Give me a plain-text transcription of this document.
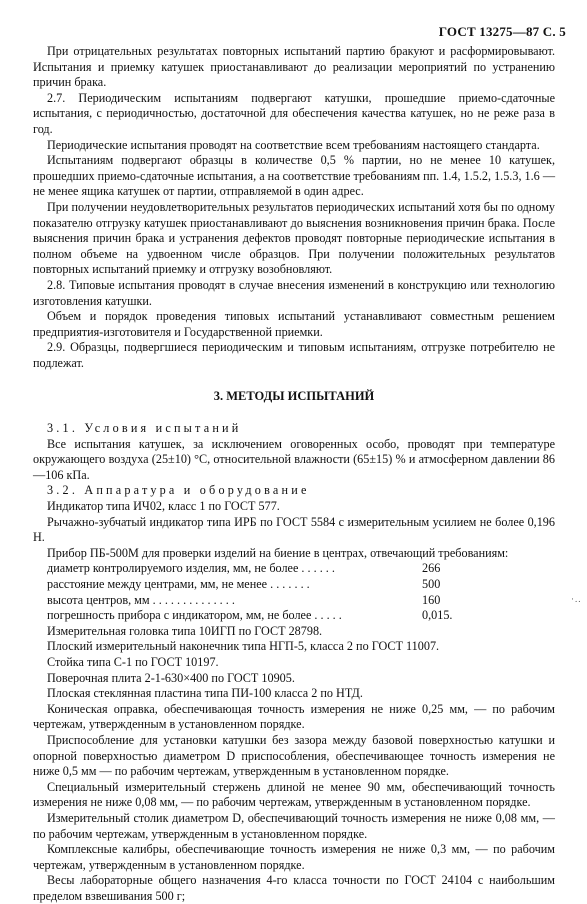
ГОСТ 13275—87 С. 5

При отрицательных результатах повторных испытаний партию бракуют и расформировывают. Испытания и приемку катушек приостанавливают до реализации мероприятий по устранению причин брака.

2.7. Периодическим испытаниям подвергают катушки, прошедшие приемо-сдаточные испытания, с периодичностью, достаточной для обеспечения качества катушек, но не реже раза в год.

Периодические испытания проводят на соответствие всем требованиям настоящего стандарта.

Испытаниям подвергают образцы в количестве 0,5 % партии, но не менее 10 катушек, прошедших приемо-сдаточные испытания, а на соответствие требованиям пп. 1.4, 1.5.2, 1.5.3, 1.6 — не менее ящика катушек от партии, отправляемой в один адрес.

При получении неудовлетворительных результатов периодических испытаний хотя бы по одному показателю отгрузку катушек приостанавливают до выяснения возникновения причин брака. После выяснения причин брака и устранения дефектов проводят повторные периодические испытания в полном объеме на удвоенном числе образцов. При получении положительных результатов повторных испытаний приемку и отгрузку возобновляют.

2.8. Типовые испытания проводят в случае внесения изменений в конструкцию или технологию изготовления катушки.

Объем и порядок проведения типовых испытаний устанавливают совместным решением предприятия-изготовителя и Государственной приемки.

2.9. Образцы, подвергшиеся периодическим и типовым испытаниям, отгрузке потребителю не подлежат.

3. МЕТОДЫ ИСПЫТАНИЙ

3.1. Условия испытаний

Все испытания катушек, за исключением оговоренных особо, проводят при температуре окружающего воздуха (25±10) °С, относительной влажности (65±15) % и атмосферном давлении 86—106 кПа.

3.2. Аппаратура и оборудование

Индикатор типа ИЧ02, класс 1 по ГОСТ 577.

Рычажно-зубчатый индикатор типа ИРБ по ГОСТ 5584 с измерительным усилием не более 0,196 Н.

Прибор ПБ-500М для проверки изделий на биение в центрах, отвечающий требованиям:

диаметр контролируемого изделия, мм, не более . . . . . .	266
расстояние между центрами, мм, не менее . . . . . . .	500
высота центров, мм . . . . . . . . . . . . . .	160
погрешность прибора с индикатором, мм, не более . . . . .	0,015.

Измерительная головка типа 10ИГП по ГОСТ 28798.

Плоский измерительный наконечник типа НГП-5, класса 2 по ГОСТ 11007.

Стойка типа С-1 по ГОСТ 10197.

Поверочная плита 2-1-630×400 по ГОСТ 10905.

Плоская стеклянная пластина типа ПИ-100 класса 2 по НТД.

Коническая оправка, обеспечивающая точность измерения не ниже 0,25 мм, — по рабочим чертежам, утвержденным в установленном порядке.

Приспособление для установки катушки без зазора между базовой поверхностью катушки и опорной поверхностью диаметром D приспособления, обеспечивающее точность измерения не ниже 0,5 мм — по рабочим чертежам, утвержденным в установленном порядке.

Специальный измерительный стержень длиной не менее 90 мм, обеспечивающий точность измерения не ниже 0,08 мм, — по рабочим чертежам, утвержденным в установленном порядке.

Измерительный столик диаметром D, обеспечивающий точность измерения не ниже 0,08 мм, — по рабочим чертежам, утвержденным в установленном порядке.

Комплексные калибры, обеспечивающие точность измерения не ниже 0,3 мм, — по рабочим чертежам, утвержденным в установленном порядке.

Весы лабораторные общего назначения 4-го класса точности по ГОСТ 24104 с наибольшим пределом взвешивания 500 г;

·..
